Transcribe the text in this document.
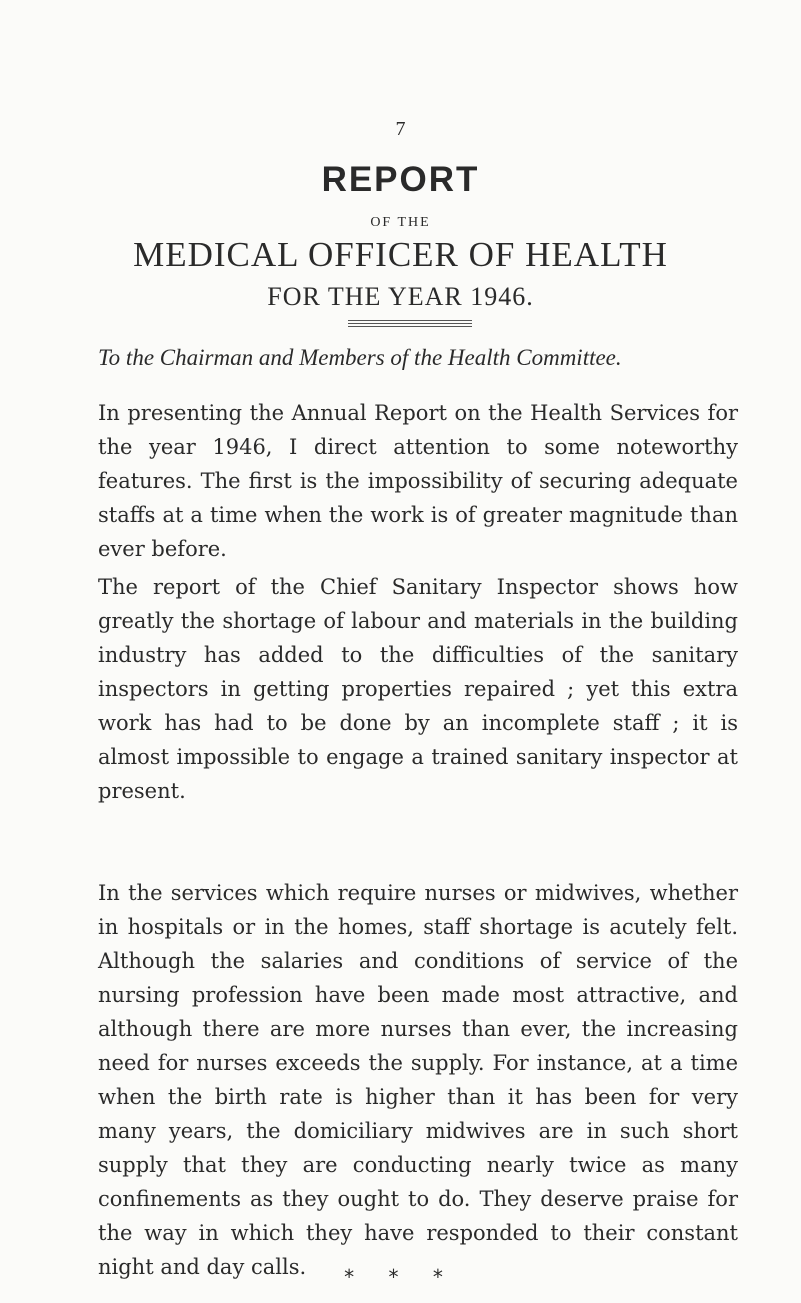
7
REPORT
OF THE
MEDICAL OFFICER OF HEALTH
FOR THE YEAR 1946.
To the Chairman and Members of the Health Committee.

In presenting the Annual Report on the Health Services for the year 1946, I direct attention to some noteworthy features. The first is the impossibility of securing adequate staffs at a time when the work is of greater magnitude than ever before.

The report of the Chief Sanitary Inspector shows how greatly the shortage of labour and materials in the building industry has added to the difficulties of the sanitary inspectors in getting properties repaired ; yet this extra work has had to be done by an incomplete staff ; it is almost impossible to engage a trained sanitary inspector at present.

In the services which require nurses or midwives, whether in hospitals or in the homes, staff shortage is acutely felt. Although the salaries and conditions of service of the nursing profession have been made most attractive, and although there are more nurses than ever, the increasing need for nurses exceeds the supply. For instance, at a time when the birth rate is higher than it has been for very many years, the domiciliary midwives are in such short supply that they are conducting nearly twice as many confinements as they ought to do. They deserve praise for the way in which they have responded to their constant night and day calls.	* * *
